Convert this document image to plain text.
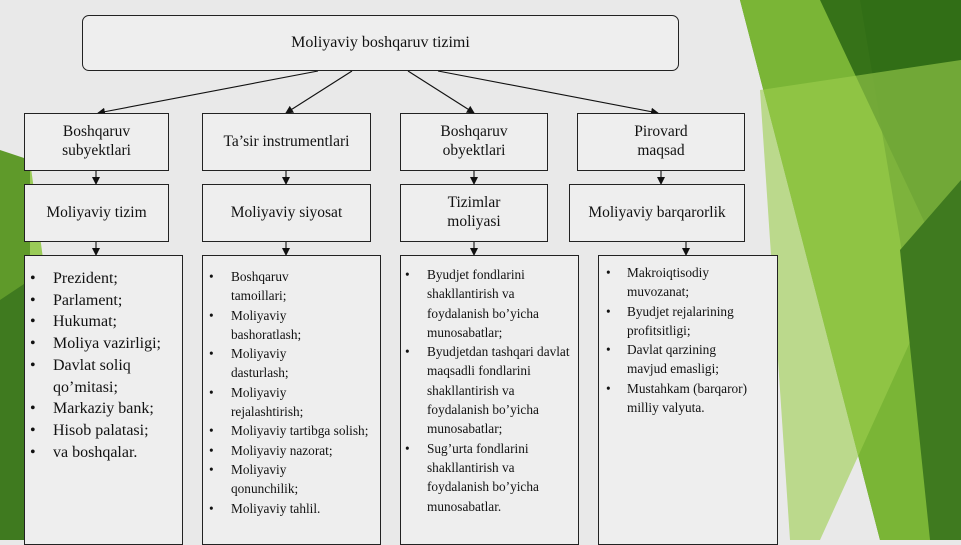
Moliyaviy boshqaruv tizimi
Boshqaruv subyektlari
Ta’sir instrumentlari
Boshqaruv obyektlari
Pirovard maqsad
Moliyaviy tizim	Moliyaviy siyosat
Tizimlar moliyasi
Moliyaviy barqarorlik
• Prezident;
• Parlament;
• Hukumat;
• Moliya vazirligi;
• Davlat soliq qo’mitasi;
• Markaziy bank;
• Hisob palatasi;
• va boshqalar.
• Boshqaruv tamoillari;
• Moliyaviy bashoratlash;
• Moliyaviy dasturlash;
• Moliyaviy rejalashtirish;
• Moliyaviy tartibga solish;
• Moliyaviy nazorat;
• Moliyaviy qonunchilik;
• Moliyaviy tahlil.
• Byudjet fondlarini shakllantirish va foydalanish bo’yicha munosabatlar;
• Byudjetdan tashqari davlat maqsadli fondlarini shakllantirish va foydalanish bo’yicha munosabatlar;
• Sug’urta fondlarini shakllantirish va foydalanish bo’yicha munosabatlar.
• Makroiqtisodiy muvozanat;
• Byudjet rejalarining profitsitligi;
• Davlat qarzining mavjud emasligi;
• Mustahkam (barqaror) milliy valyuta.
